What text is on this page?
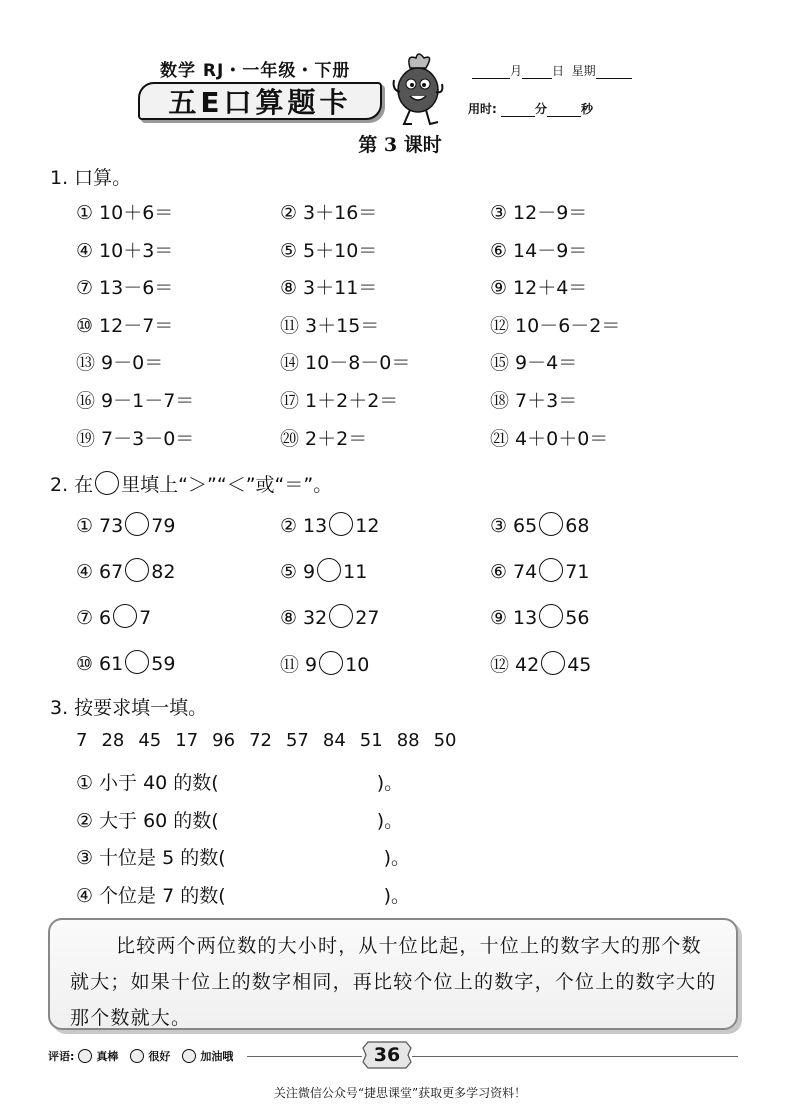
数学 RJ・一年级・下册
五E口算题卡
月	日 星期
用时:	分	秒
第 3 课时
1. 口算。
① 10＋6＝	② 3＋16＝	③ 12－9＝
④ 10＋3＝	⑤ 5＋10＝	⑥ 14－9＝
⑦ 13－6＝	⑧ 3＋11＝	⑨ 12＋4＝
⑩ 12－7＝	⑪ 3＋15＝	⑫ 10－6－2＝
⑬ 9－0＝	⑭ 10－8－0＝	⑮ 9－4＝
⑯ 9－1－7＝	⑰ 1＋2＋2＝	⑱ 7＋3＝
⑲ 7－3－0＝	⑳ 2＋2＝	㉑ 4＋0＋0＝
2. 在 里填上“＞”“＜”或“＝”。
① 73 79	② 13 12	③ 65 68
④ 67 82	⑤ 9 11	⑥ 74 71
⑦ 6 7	⑧ 32 27	⑨ 13 56
⑩ 61 59	⑪ 9 10	⑫ 42 45
3. 按要求填一填。
7 28 45 17 96 72 57 84 51 88 50
① 小于 40 的数(	)。
② 大于 60 的数(	)。
③ 十位是 5 的数(	)。
④ 个位是 7 的数(	)。
比较两个两位数的大小时，从十位比起，十位上的数字大的那个数就大；如果十位上的数字相同，再比较个位上的数字，个位上的数字大的那个数就大。
评语: 真棒	很好	加油哦	36
关注微信公众号“捷思课堂”获取更多学习资料！
